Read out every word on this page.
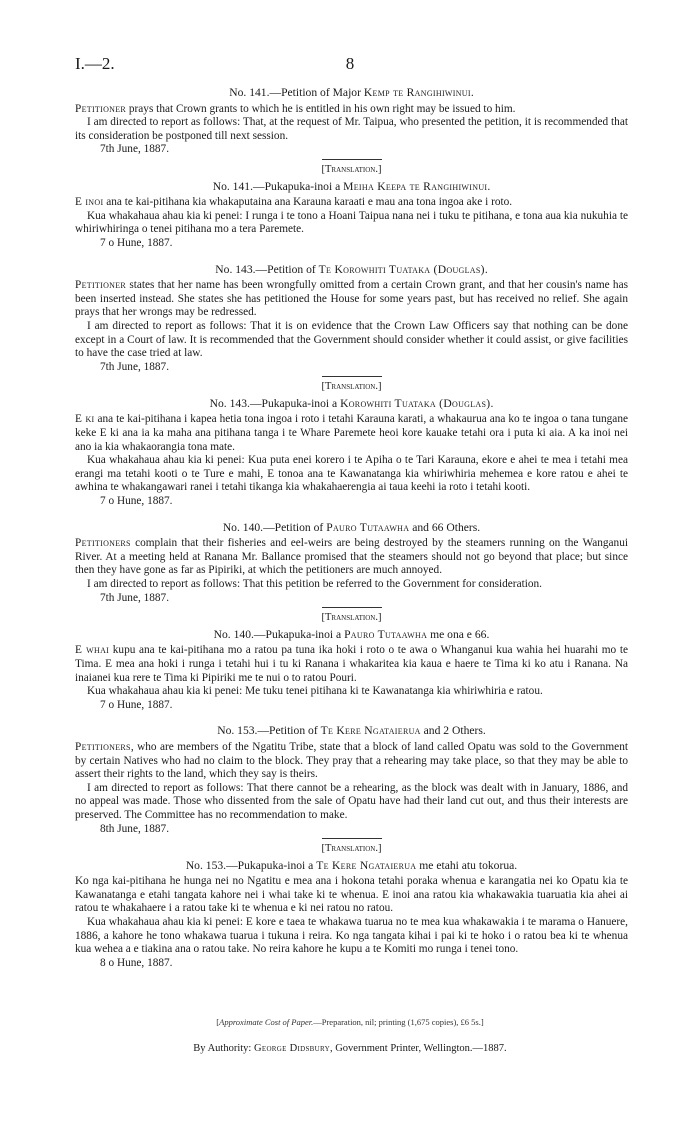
I.—2.	8
No. 141.—Petition of Major Kemp te Rangihiwinui.

Petitioner prays that Crown grants to which he is entitled in his own right may be issued to him.

I am directed to report as follows: That, at the request of Mr. Taipua, who presented the petition, it is recommended that its consideration be postponed till next session.

7th June, 1887.

[Translation.]
No. 141.—Pukapuka-inoi a Meiha Keepa te Rangihiwinui.

E inoi ana te kai-pitihana kia whakaputaina ana Karauna karaati e mau ana tona ingoa ake i roto.

Kua whakahaua ahau kia ki penei: I runga i te tono a Hoani Taipua nana nei i tuku te pitihana, e tona aua kia nukuhia te whiriwhiringa o tenei pitihana mo a tera Paremete.

7 o Hune, 1887.

No. 143.—Petition of Te Korowhiti Tuataka (Douglas).

Petitioner states that her name has been wrongfully omitted from a certain Crown grant, and that her cousin's name has been inserted instead. She states she has petitioned the House for some years past, but has received no relief. She again prays that her wrongs may be redressed.

I am directed to report as follows: That it is on evidence that the Crown Law Officers say that nothing can be done except in a Court of law. It is recommended that the Government should consider whether it could assist, or give facilities to have the case tried at law.

7th June, 1887.

[Translation.]
No. 143.—Pukapuka-inoi a Korowhiti Tuataka (Douglas).

E ki ana te kai-pitihana i kapea hetia tona ingoa i roto i tetahi Karauna karati, a whakaurua ana ko te ingoa o tana tungane keke E ki ana ia ka maha ana pitihana tanga i te Whare Paremete heoi kore kauake tetahi ora i puta ki aia. A ka inoi nei ano ia kia whakaorangia tona mate.

Kua whakahaua ahau kia ki penei: Kua puta enei korero i te Apiha o te Tari Karauna, ekore e ahei te mea i tetahi mea erangi ma tetahi kooti o te Ture e mahi, E tonoa ana te Kawanatanga kia whiriwhiria mehemea e kore ratou e ahei te awhina te whakangawari ranei i tetahi tikanga kia whakahaerengia ai taua keehi ia roto i tetahi kooti.

7 o Hune, 1887.

No. 140.—Petition of Pauro Tutaawha and 66 Others.

Petitioners complain that their fisheries and eel-weirs are being destroyed by the steamers running on the Wanganui River. At a meeting held at Ranana Mr. Ballance promised that the steamers should not go beyond that place; but since then they have gone as far as Pipiriki, at which the petitioners are much annoyed.

I am directed to report as follows: That this petition be referred to the Government for consideration.

7th June, 1887.

[Translation.]
No. 140.—Pukapuka-inoi a Pauro Tutaawha me ona e 66.

E whai kupu ana te kai-pitihana mo a ratou pa tuna ika hoki i roto o te awa o Whanganui kua wahia hei huarahi mo te Tima. E mea ana hoki i runga i tetahi hui i tu ki Ranana i whakaritea kia kaua e haere te Tima ki ko atu i Ranana. Na inaianei kua rere te Tima ki Pipiriki me te nui o to ratou Pouri.

Kua whakahaua ahau kia ki penei: Me tuku tenei pitihana ki te Kawanatanga kia whiriwhiria e ratou.

7 o Hune, 1887.

No. 153.—Petition of Te Kere Ngataierua and 2 Others.

Petitioners, who are members of the Ngatitu Tribe, state that a block of land called Opatu was sold to the Government by certain Natives who had no claim to the block. They pray that a rehearing may take place, so that they may be able to assert their rights to the land, which they say is theirs.

I am directed to report as follows: That there cannot be a rehearing, as the block was dealt with in January, 1886, and no appeal was made. Those who dissented from the sale of Opatu have had their land cut out, and thus their interests are preserved. The Committee has no recommendation to make.

8th June, 1887.

[Translation.]
No. 153.—Pukapuka-inoi a Te Kere Ngataierua me etahi atu tokorua.

Ko nga kai-pitihana he hunga nei no Ngatitu e mea ana i hokona tetahi poraka whenua e karangatia nei ko Opatu kia te Kawanatanga e etahi tangata kahore nei i whai take ki te whenua. E inoi ana ratou kia whakawakia tuaruatia kia ahei ai ratou te whakahaere i a ratou take ki te whenua e ki nei ratou no ratou.

Kua whakahaua ahau kia ki penei: E kore e taea te whakawa tuarua no te mea kua whakawakia i te marama o Hanuere, 1886, a kahore he tono whakawa tuarua i tukuna i reira. Ko nga tangata kihai i pai ki te hoko i o ratou bea ki te whenua kua wehea a e tiakina ana o ratou take. No reira kahore he kupu a te Komiti mo runga i tenei tono.

8 o Hune, 1887.

[Approximate Cost of Paper.—Preparation, nil; printing (1,675 copies), £6 5s.]
By Authority: George Didsbury, Government Printer, Wellington.—1887.
